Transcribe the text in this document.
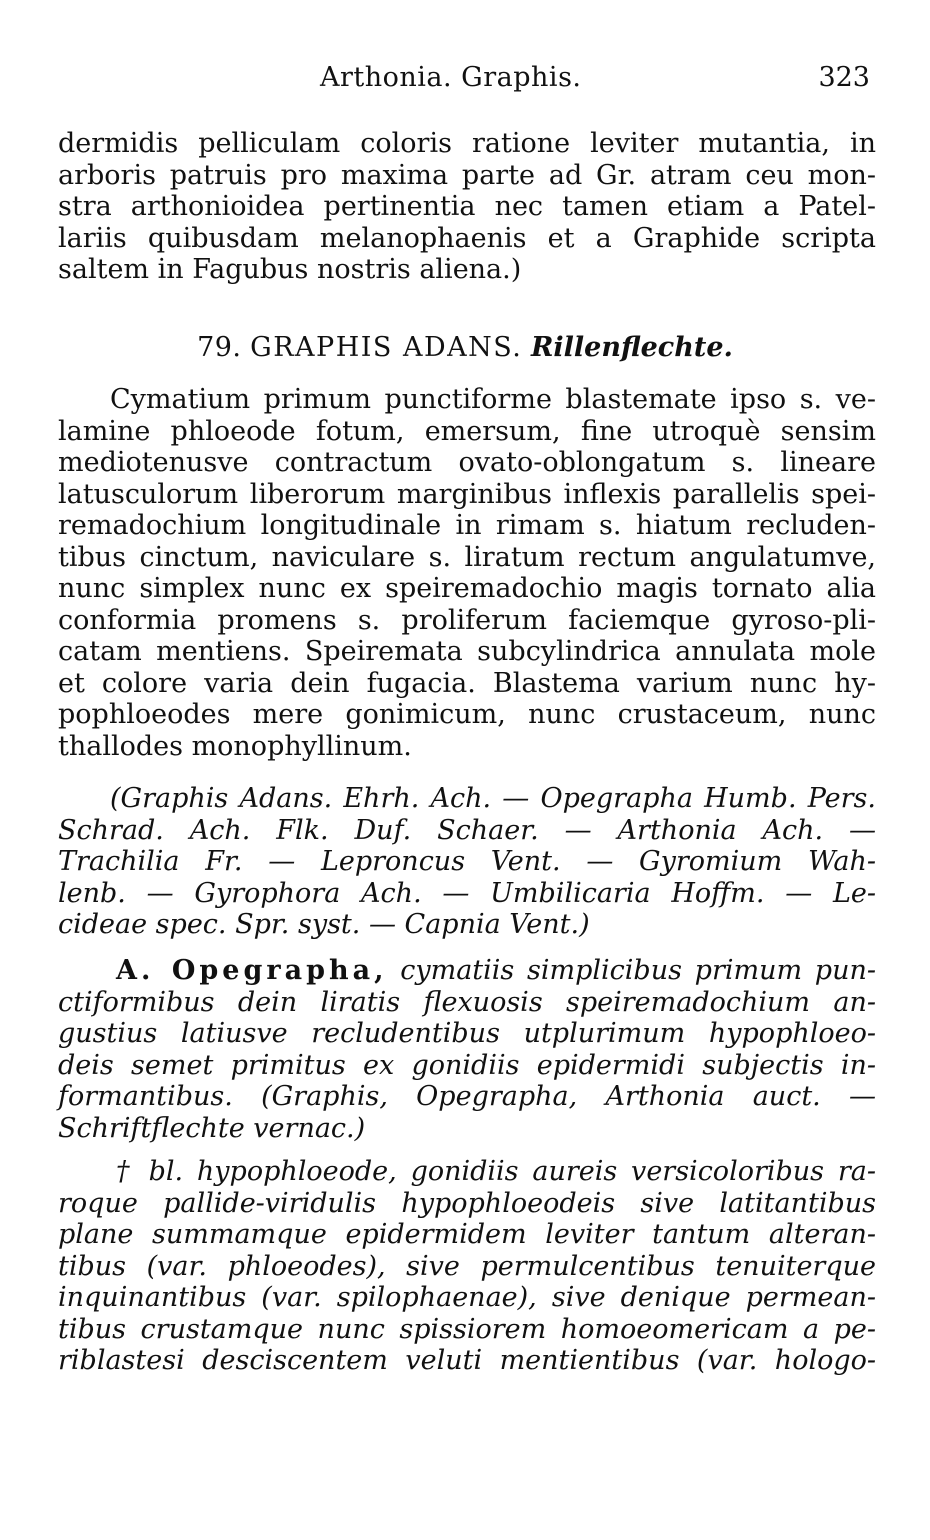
Arthonia. Graphis.	323
dermidis pelliculam coloris ratione leviter mutantia, in
arboris patruis pro maxima parte ad Gr. atram ceu mon-
stra arthonioidea pertinentia nec tamen etiam a Patel-
lariis quibusdam melanophaenis et a Graphide scripta
saltem in Fagubus nostris aliena.)
79. GRAPHIS ADANS. Rillenflechte.
Cymatium primum punctiforme blastemate ipso s. ve-
lamine phloeode fotum, emersum, fine utroquè sensim
mediotenusve contractum ovato-oblongatum s. lineare
latusculorum liberorum marginibus inflexis parallelis spei-
remadochium longitudinale in rimam s. hiatum recluden-
tibus cinctum, naviculare s. liratum rectum angulatumve,
nunc simplex nunc ex speiremadochio magis tornato alia
conformia promens s. proliferum faciemque gyroso-pli-
catam mentiens. Speiremata subcylindrica annulata mole
et colore varia dein fugacia. Blastema varium nunc hy-
pophloeodes mere gonimicum, nunc crustaceum, nunc
thallodes monophyllinum.
(Graphis Adans. Ehrh. Ach. — Opegrapha Humb. Pers.
Schrad. Ach. Flk. Duf. Schaer. — Arthonia Ach. —
Trachilia Fr. — Leproncus Vent. — Gyromium Wah-
lenb. — Gyrophora Ach. — Umbilicaria Hoffm. — Le-
cideae spec. Spr. syst. — Capnia Vent.)
A. Opegrapha, cymatiis simplicibus primum pun-
ctiformibus dein liratis flexuosis speiremadochium an-
gustius latiusve recludentibus utplurimum hypophloeo-
deis semet primitus ex gonidiis epidermidi subjectis in-
formantibus. (Graphis, Opegrapha, Arthonia auct. —
Schriftflechte vernac.)
† bl. hypophloeode, gonidiis aureis versicoloribus ra-
roque pallide-viridulis hypophloeodeis sive latitantibus
plane summamque epidermidem leviter tantum alteran-
tibus (var. phloeodes), sive permulcentibus tenuiterque
inquinantibus (var. spilophaenae), sive denique permean-
tibus crustamque nunc spissiorem homoeomericam a pe-
riblastesi desciscentem veluti mentientibus (var. hologo-
